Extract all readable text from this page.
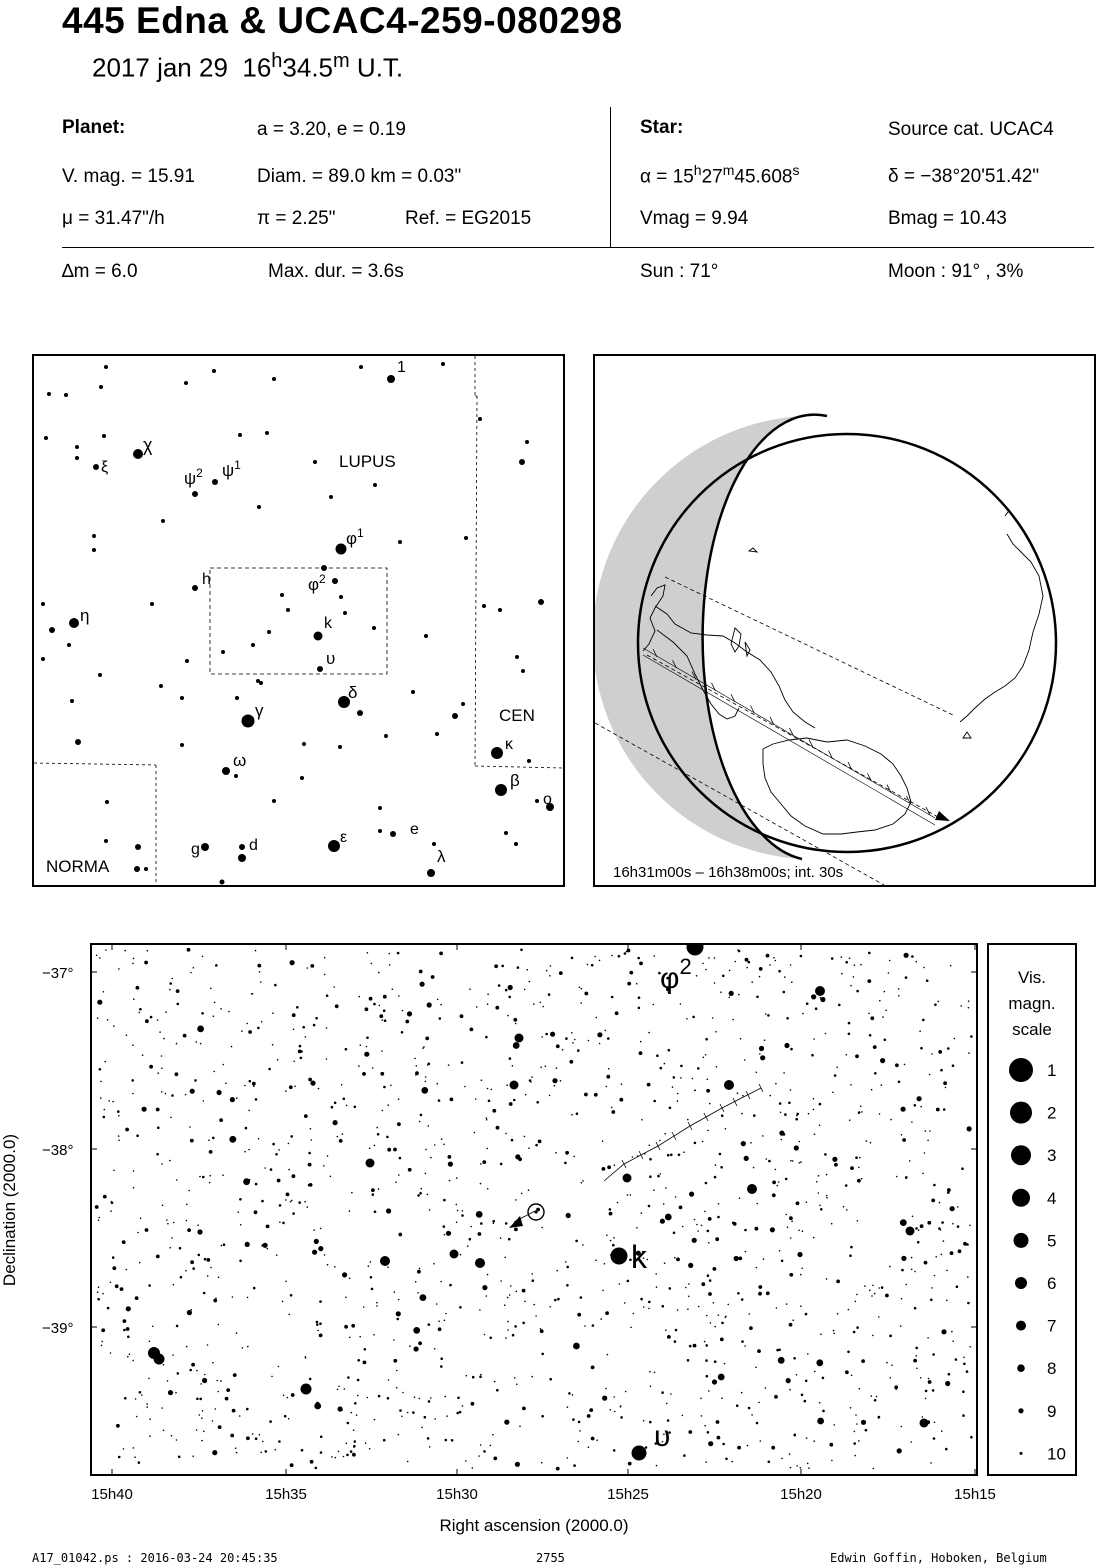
445 Edna & UCAC4-259-080298
2017 jan 29 16$^h$34.5$^m$ U.T.
Planet:	a = 3.20, e = 0.19
V. mag. = 15.91	Diam. = 89.0 km = 0.03"
μ = 31.47"/h	π = 2.25"	Ref. = EG2015
Star:	Source cat. UCAC4
$\alpha = 15^h27^m45.608^s$	δ = −38°20'51.42"
Vmag = 9.94	Bmag = 10.43
∆m = 6.0	Max. dur. = 3.6s	Sun : 71°	Moon : 91° , 3%
LUPUS
CEN
NORMA
1
χ
ξ
$\psi^2$ $\psi^1$
$\varphi^1$
$\varphi^2$
h
k
η
υ
δ
γ
κ
β
ω
ο
g	d	ε	e
λ
16h31m00s – 16h38m00s; int. 30s
$\varphi^2$
k
υ
−37°
−38°
−39°
15h40	15h35	15h30	15h25	15h20	15h15
Right ascension (2000.0)
Declination (2000.0)
Vis.
magn.
scale
1
2
3
4
5
6
7
8
9
10
A17_01042.ps : 2016-03-24 20:45:35	2755	Edwin Goffin, Hoboken, Belgium
